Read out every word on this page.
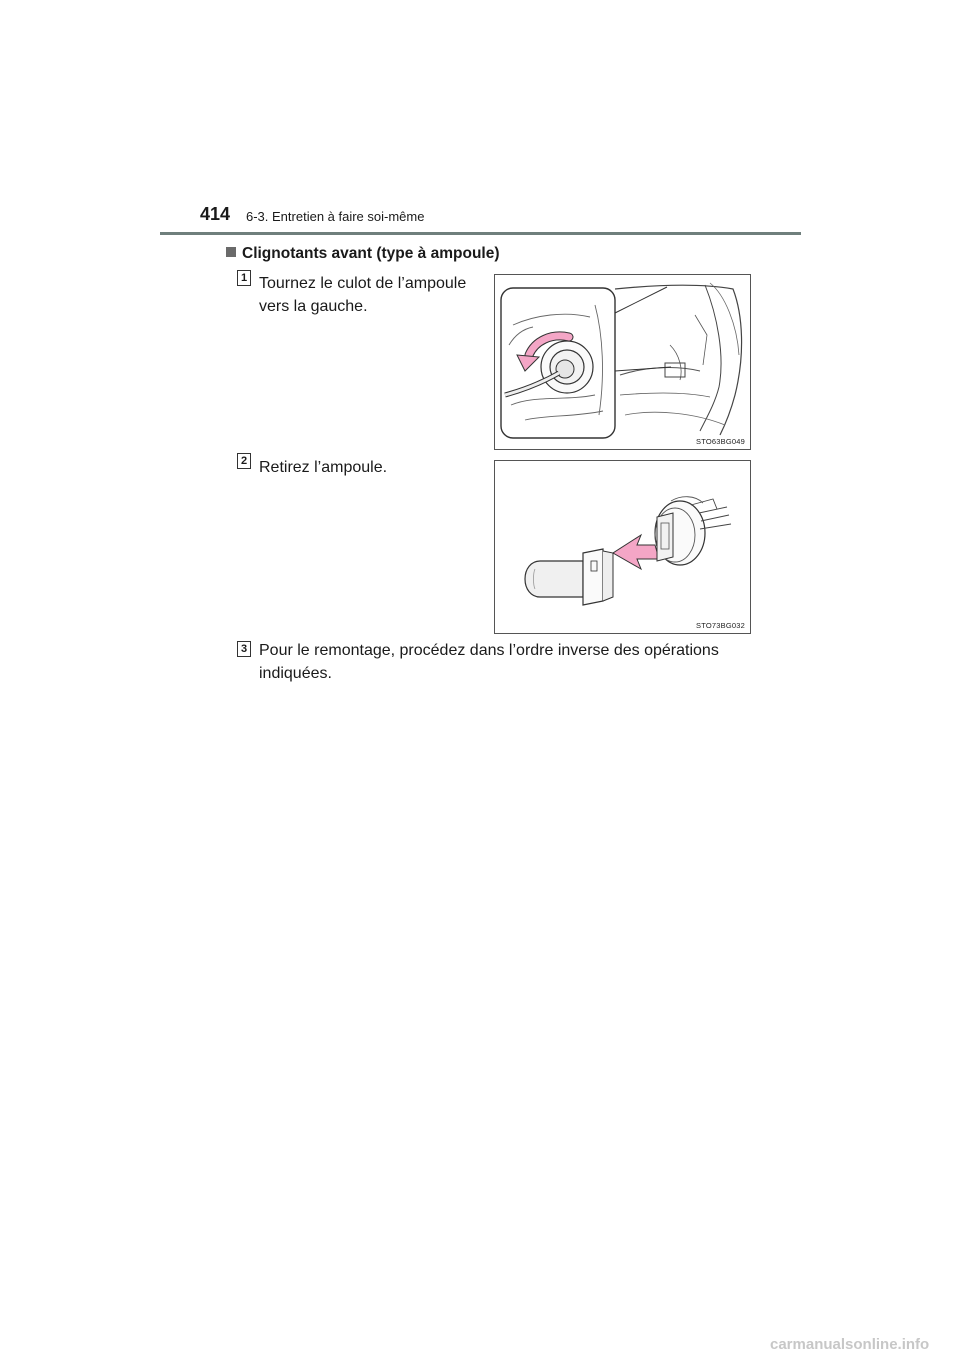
414 6-3. Entretien à faire soi-même
Clignotants avant (type à ampoule)
1 Tournez le culot de l’ampoule vers la gauche.
STO63BG049
2 Retirez l’ampoule.
STO73BG032
3 Pour le remontage, procédez dans l’ordre inverse des opérations indiquées.
carmanualsonline.info
